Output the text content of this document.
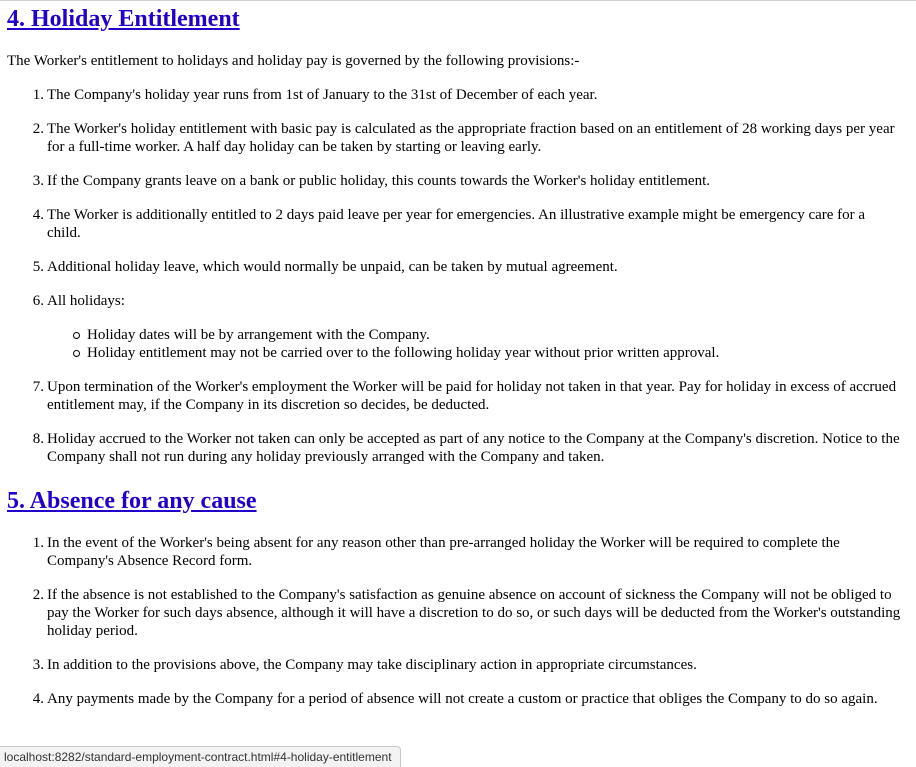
4. Holiday Entitlement

The Worker's entitlement to holidays and holiday pay is governed by the following provisions:-

1. The Company's holiday year runs from 1st of January to the 31st of December of each year.
2. The Worker's holiday entitlement with basic pay is calculated as the appropriate fraction based on an entitlement of 28 working days per year for a full-time worker. A half day holiday can be taken by starting or leaving early.
3. If the Company grants leave on a bank or public holiday, this counts towards the Worker's holiday entitlement.
4. The Worker is additionally entitled to 2 days paid leave per year for emergencies. An illustrative example might be emergency care for a child.
5. Additional holiday leave, which would normally be unpaid, can be taken by mutual agreement.
6. All holidays:
Holiday dates will be by arrangement with the Company.
Holiday entitlement may not be carried over to the following holiday year without prior written approval.
7. Upon termination of the Worker's employment the Worker will be paid for holiday not taken in that year. Pay for holiday in excess of accrued entitlement may, if the Company in its discretion so decides, be deducted.
8. Holiday accrued to the Worker not taken can only be accepted as part of any notice to the Company at the Company's discretion. Notice to the Company shall not run during any holiday previously arranged with the Company and taken.
5. Absence for any cause
1. In the event of the Worker's being absent for any reason other than pre-arranged holiday the Worker will be required to complete the Company's Absence Record form.
2. If the absence is not established to the Company's satisfaction as genuine absence on account of sickness the Company will not be obliged to pay the Worker for such days absence, although it will have a discretion to do so, or such days will be deducted from the Worker's outstanding holiday period.
3. In addition to the provisions above, the Company may take disciplinary action in appropriate circumstances.
4. Any payments made by the Company for a period of absence will not create a custom or practice that obliges the Company to do so again.
localhost:8282/standard-employment-contract.html#4-holiday-entitlement
